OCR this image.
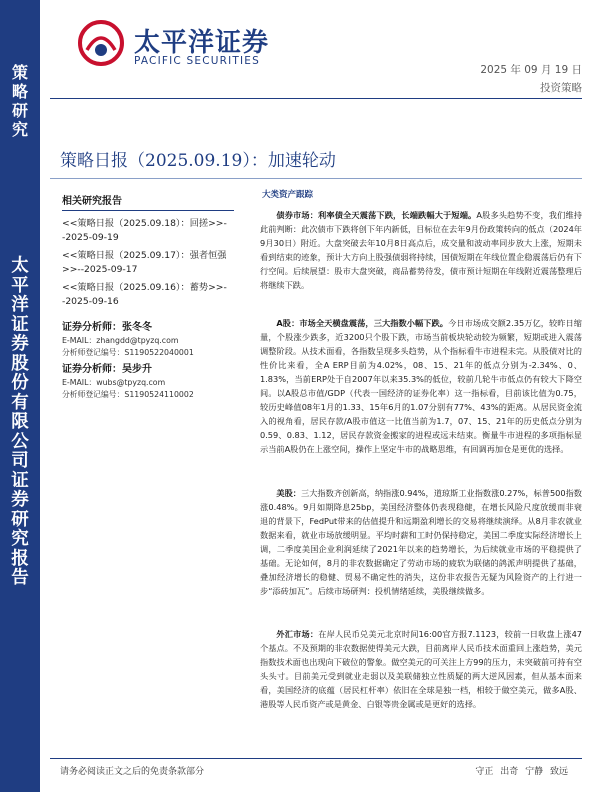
策
略
研
究
太
平
洋
证
券
股
份
有
限
公
司
证
券
研
究
报
告
太平洋证券
PACIFIC SECURITIES
2025 年 09 月 19 日
投资策略
策略日报（2025.09.19）：加速轮动
相关研究报告
<<策略日报（2025.09.18）：回搓>>--2025-09-19
<<策略日报（2025.09.17）：强者恒强>>--2025-09-17
<<策略日报（2025.09.16）：蓄势>>--2025-09-16
证券分析师：张冬冬
E-MAIL：zhangdd@tpyzq.com
分析师登记编号：S1190522040001
证券分析师：吴步升
E-MAIL：wubs@tpyzq.com
分析师登记编号：S1190524110002
大类资产跟踪

债券市场：利率债全天震荡下跌，长端跌幅大于短端。A股多头趋势不变，我们维持此前判断：此次债市下跌将创下年内新低，目标位在去年9月份政策转向的低点（2024年9月30日）附近。大盘突破去年10月8日高点后，成交量和波动率同步放大上涨，短期未看到结束的迹象，预计大方向上股强债弱将持续，国债短期在年线位置企稳震荡后仍有下行空间。后续展望：股市大盘突破，商品蓄势待发，债市预计短期在年线附近震荡整理后将继续下跌。

A股：市场全天横盘震荡，三大指数小幅下跌。今日市场成交额2.35万亿，较昨日缩量，个股涨少跌多，近3200只个股下跌，市场当前板块轮动较为频繁，短期或进入震荡调整阶段。从技术面看，各指数呈现多头趋势，从个指标看牛市进程未完。从股债对比的性价比来看，全A ERP目前为4.02%，08、15、21年的低点分别为-2.34%、0、1.83%，当前ERP处于自2007年以来35.3%的低位，较前几轮牛市低点仍有较大下降空间。以A股总市值/GDP（代表一国经济的证券化率）这一指标看，目前该比值为0.75，较历史峰值08年1月的1.33、15年6月的1.07分别有77%、43%的距离。从居民资金流入的视角看，居民存款/A股市值这一比值当前为1.7，07、15、21年的历史低点分别为0.59、0.83、1.12，居民存款资金搬家的进程或远未结束。衡量牛市进程的多项指标显示当前A股仍在上涨空间，操作上坚定牛市的战略思维，有回调再加仓是更优的选择。

美股：三大指数齐创新高，纳指涨0.94%，道琼斯工业指数涨0.27%，标普500指数涨0.48%。9月如期降息25bp，美国经济整体仍表现稳健，在增长风险尺度放缓而非衰退的背景下，FedPut带来的估值提升和远期盈利增长的交易将继续演绎。从8月非农就业数据来看，就业市场放缓明显。平均时薪和工时仍保持稳定，美国二季度实际经济增长上调，二季度美国企业利润延续了2021年以来的趋势增长，为后续就业市场的平稳提供了基础。无论如何，8月的非农数据确定了劳动市场的疲软为联储的鸽派声明提供了基础，叠加经济增长的稳健、贸易不确定性的消失，这份非农报告无疑为风险资产的上行进一步“添砖加瓦”。后续市场研判：投机情绪延续，美股继续做多。

外汇市场：在岸人民币兑美元北京时间16:00官方报7.1123，较前一日收盘上涨47个基点。不及预期的非农数据使得美元大跌，目前离岸人民币技术面重回上涨趋势，美元指数技术面也出现向下破位的警象。做空美元的可关注上方99的压力，未突破前可持有空头头寸。目前美元受到就业走弱以及美联储独立性质疑的两大逆风因素，但从基本面来看，美国经济的底蕴（居民杠杆率）依旧在全球是独一档，相较于做空美元，做多A股、港股等人民币资产或是黄金、白银等贵金属或是更好的选择。

请务必阅读正文之后的免责条款部分	守正 出奇 宁静 致远
